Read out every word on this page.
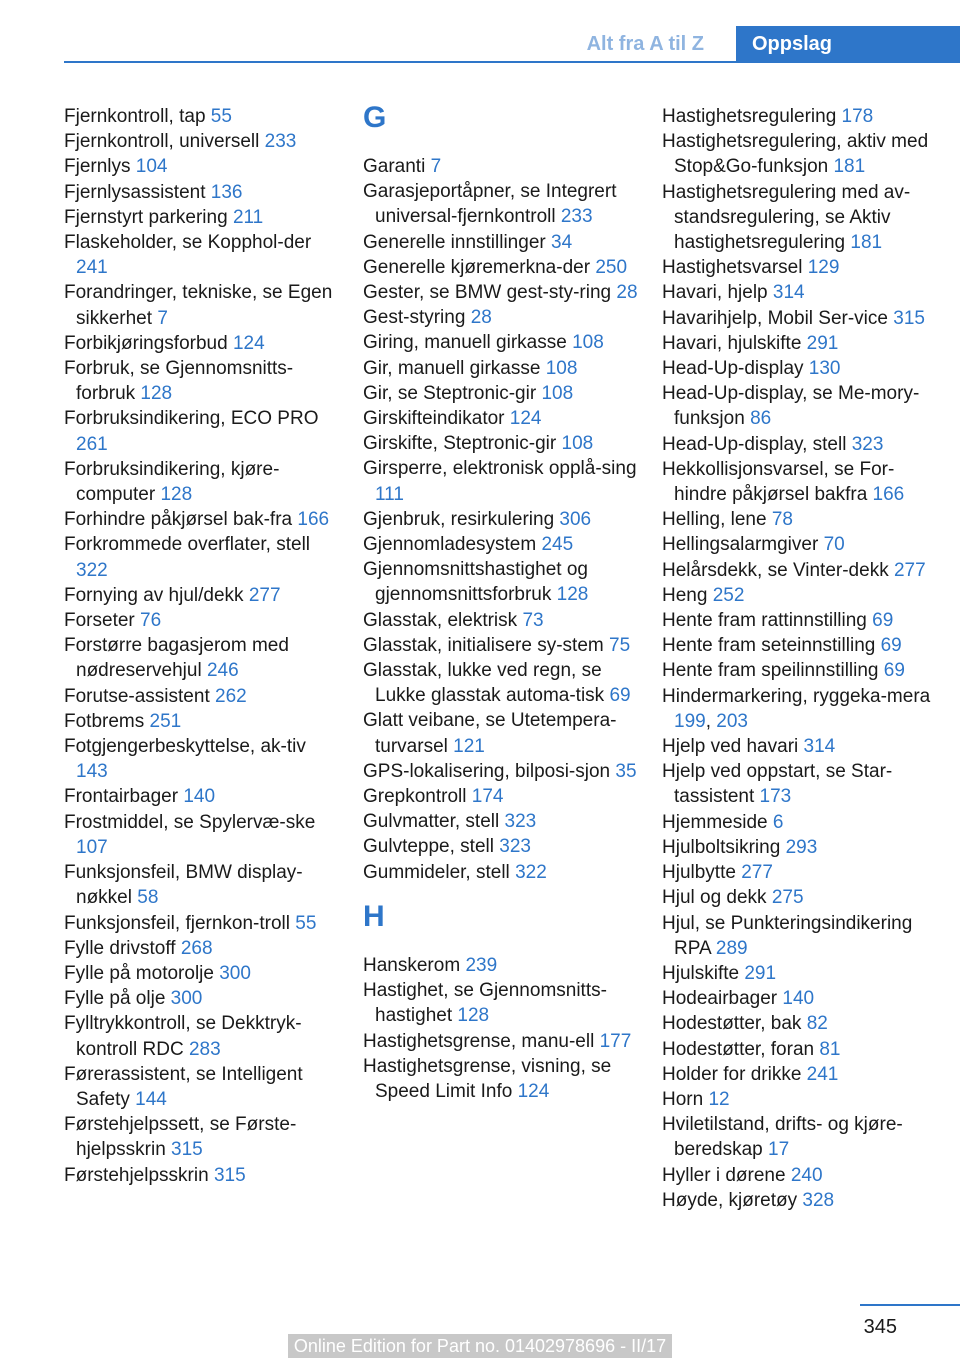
Alt fra A til Z	Oppslag
Fjernkontroll, tap 55
Fjernkontroll, universell 233
Fjernlys 104
Fjernlysassistent 136
Fjernstyrt parkering 211
Flaskeholder, se Kopphol-der 241
Forandringer, tekniske, se Egen sikkerhet 7
Forbikjøringsforbud 124
Forbruk, se Gjennomsnitts-forbruk 128
Forbruksindikering, ECO PRO 261
Forbruksindikering, kjøre-computer 128
Forhindre påkjørsel bak-fra 166
Forkrommede overflater, stell 322
Fornying av hjul/dekk 277
Forseter 76
Forstørre bagasjerom med nødreservehjul 246
Forutse-assistent 262
Fotbrems 251
Fotgjengerbeskyttelse, ak-tiv 143
Frontairbager 140
Frostmiddel, se Spylervæ-ske 107
Funksjonsfeil, BMW display-nøkkel 58
Funksjonsfeil, fjernkon-troll 55
Fylle drivstoff 268
Fylle på motorolje 300
Fylle på olje 300
Fylltrykkontroll, se Dekktryk-kontroll RDC 283
Førerassistent, se Intelligent Safety 144
Førstehjelpssett, se Første-hjelpsskrin 315
Førstehjelpsskrin 315
G
Garanti 7
Garasjeportåpner, se Integrert universal-fjernkontroll 233
Generelle innstillinger 34
Generelle kjøremerkna-der 250
Gester, se BMW gest-sty-ring 28
Gest-styring 28
Giring, manuell girkasse 108
Gir, manuell girkasse 108
Gir, se Steptronic-gir 108
Girskifteindikator 124
Girskifte, Steptronic-gir 108
Girsperre, elektronisk opplå-sing 111
Gjenbruk, resirkulering 306
Gjennomladesystem 245
Gjennomsnittshastighet og gjennomsnittsforbruk 128
Glasstak, elektrisk 73
Glasstak, initialisere sy-stem 75
Glasstak, lukke ved regn, se Lukke glasstak automa-tisk 69
Glatt veibane, se Utetempera-turvarsel 121
GPS-lokalisering, bilposi-sjon 35
Grepkontroll 174
Gulvmatter, stell 323
Gulvteppe, stell 323
Gummideler, stell 322
H
Hanskerom 239
Hastighet, se Gjennomsnitts-hastighet 128
Hastighetsgrense, manu-ell 177
Hastighetsgrense, visning, se Speed Limit Info 124
Hastighetsregulering 178
Hastighetsregulering, aktiv med Stop&Go-funksjon 181
Hastighetsregulering med av-standsregulering, se Aktiv hastighetsregulering 181
Hastighetsvarsel 129
Havari, hjelp 314
Havarihjelp, Mobil Ser-vice 315
Havari, hjulskifte 291
Head-Up-display 130
Head-Up-display, se Me-mory-funksjon 86
Head-Up-display, stell 323
Hekkollisjonsvarsel, se For-hindre påkjørsel bakfra 166
Helling, lene 78
Hellingsalarmgiver 70
Helårsdekk, se Vinter-dekk 277
Heng 252
Hente fram rattinnstilling 69
Hente fram seteinnstilling 69
Hente fram speilinnstilling 69
Hindermarkering, ryggeka-mera 199, 203
Hjelp ved havari 314
Hjelp ved oppstart, se Star-tassistent 173
Hjemmeside 6
Hjulboltsikring 293
Hjulbytte 277
Hjul og dekk 275
Hjul, se Punkteringsindikering RPA 289
Hjulskifte 291
Hodeairbager 140
Hodestøtter, bak 82
Hodestøtter, foran 81
Holder for drikke 241
Horn 12
Hviletilstand, drifts- og kjøre-beredskap 17
Hyller i dørene 240
Høyde, kjøretøy 328
345
Online Edition for Part no. 01402978696 - II/17
